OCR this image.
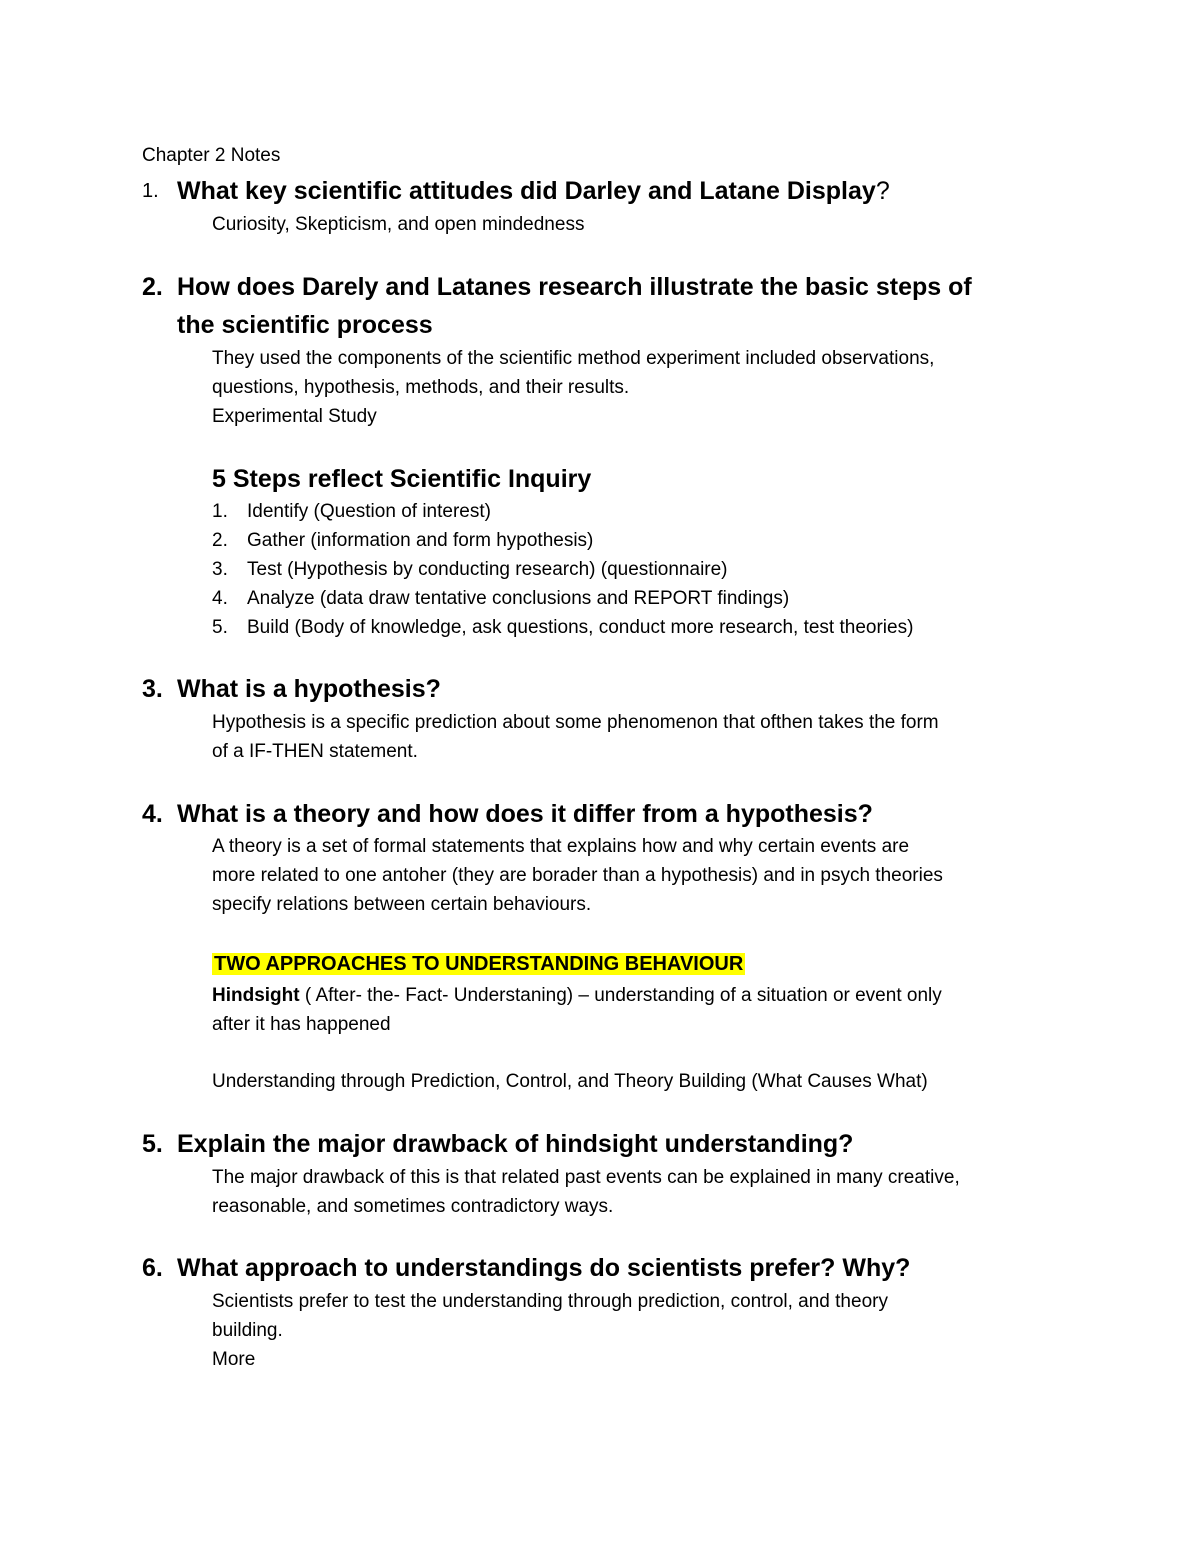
Chapter 2 Notes
1. What key scientific attitudes did Darley and Latane Display?
Curiosity, Skepticism, and open mindedness
2. How does Darely and Latanes research illustrate the basic steps of
the scientific process
They used the components of the scientific method experiment included observations,
questions, hypothesis, methods, and their results.
Experimental Study
5 Steps reflect Scientific Inquiry
1. Identify (Question of interest)
2. Gather (information and form hypothesis)
3. Test (Hypothesis by conducting research) (questionnaire)
4. Analyze (data draw tentative conclusions and REPORT findings)
5. Build (Body of knowledge, ask questions, conduct more research, test theories)
3. What is a hypothesis?
Hypothesis is a specific prediction about some phenomenon that ofthen takes the form
of a IF-THEN statement.
4. What is a theory and how does it differ from a hypothesis?
A theory is a set of formal statements that explains how and why certain events are
more related to one antoher (they are borader than a hypothesis) and in psych theories
specify relations between certain behaviours.
TWO APPROACHES TO UNDERSTANDING BEHAVIOUR
Hindsight ( After- the- Fact- Understaning) – understanding of a situation or event only
after it has happened
Understanding through Prediction, Control, and Theory Building (What Causes What)
5. Explain the major drawback of hindsight understanding?
The major drawback of this is that related past events can be explained in many creative,
reasonable, and sometimes contradictory ways.
6. What approach to understandings do scientists prefer? Why?
Scientists prefer to test the understanding through prediction, control, and theory
building.
More
